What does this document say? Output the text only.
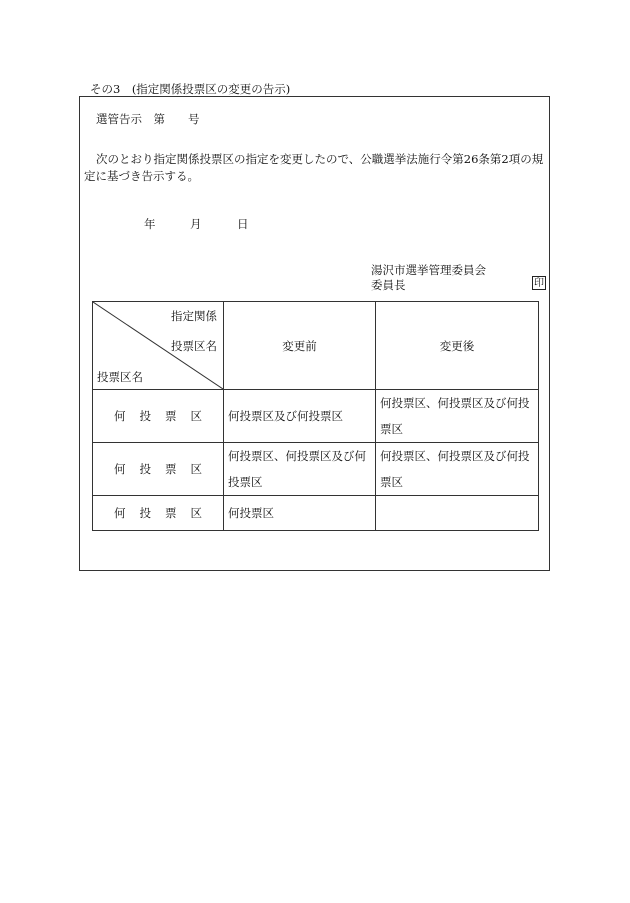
その3　(指定関係投票区の変更の告示)
選管告示　第　　号
次のとおり指定関係投票区の指定を変更したので、公職選挙法施行令第26条第2項の規定に基づき告示する。
年	月	日
湯沢市選挙管理委員会
委員長	印
指定関係
投票区名
投票区名	変更前	変更後
何投票区	何投票区及び何投票区	何投票区、何投票区及び何投票区
何投票区	何投票区、何投票区及び何投票区	何投票区、何投票区及び何投票区
何投票区	何投票区	
